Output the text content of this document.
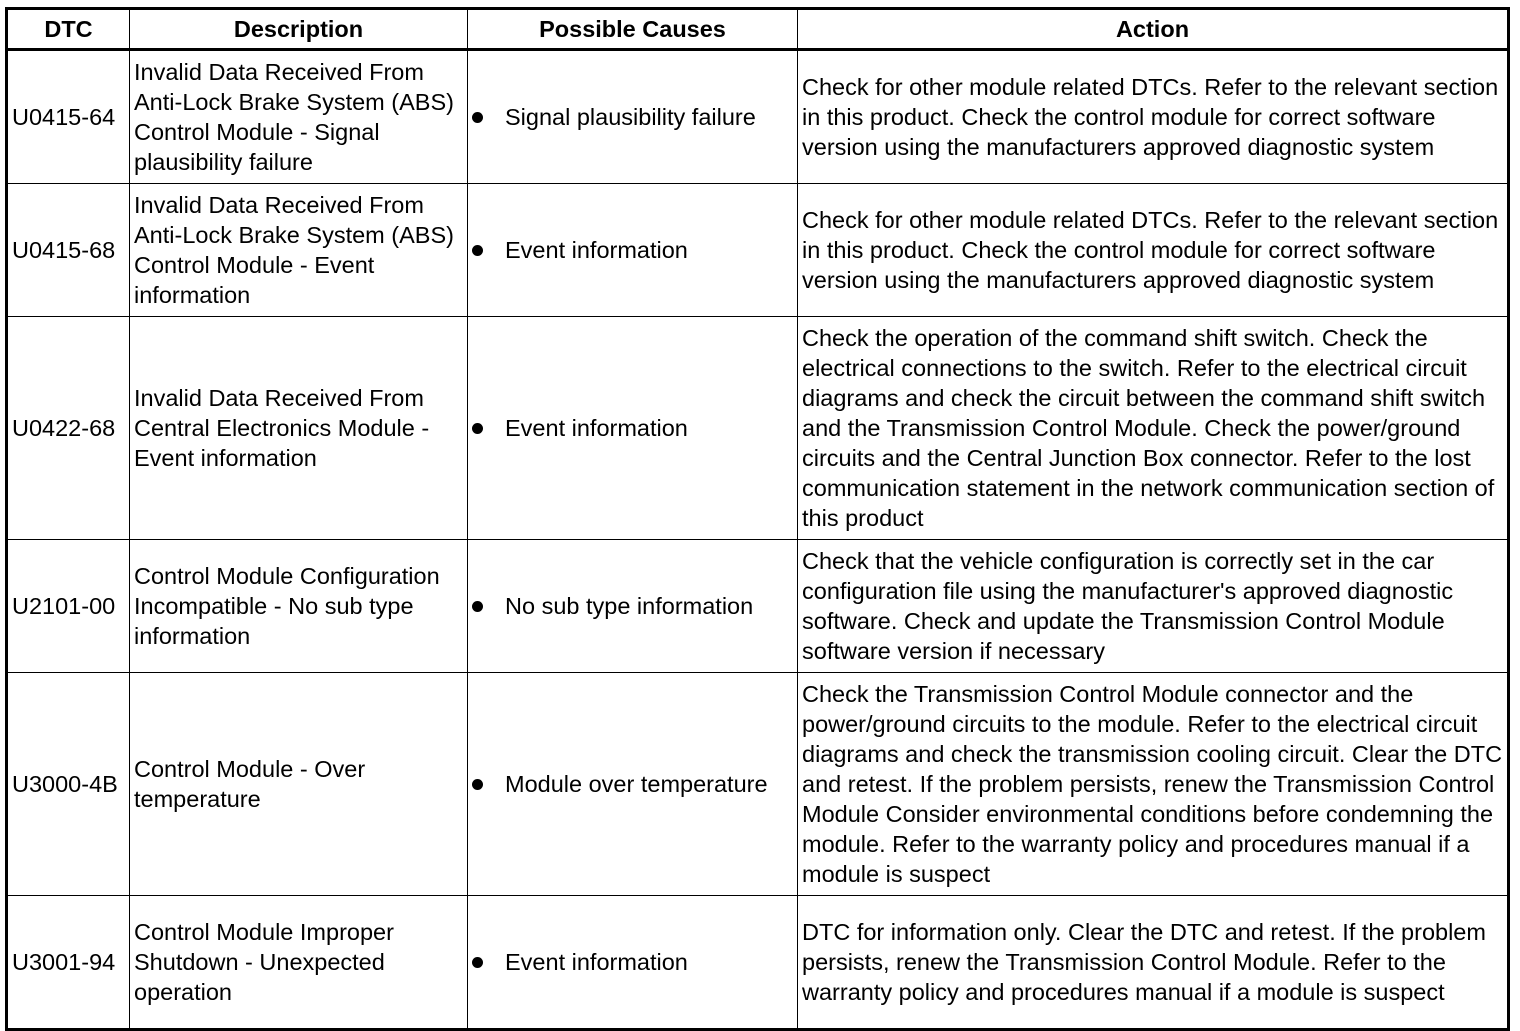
DTC	Description	Possible Causes	Action
U0415-64	Invalid Data Received From Anti-Lock Brake System (ABS) Control Module - Signal plausibility failure	Signal plausibility failure	Check for other module related DTCs. Refer to the relevant section in this product. Check the control module for correct software version using the manufacturers approved diagnostic system
U0415-68	Invalid Data Received From Anti-Lock Brake System (ABS) Control Module - Event information	Event information	Check for other module related DTCs. Refer to the relevant section in this product. Check the control module for correct software version using the manufacturers approved diagnostic system
U0422-68	Invalid Data Received From Central Electronics Module - Event information	Event information	Check the operation of the command shift switch. Check the electrical connections to the switch. Refer to the electrical circuit diagrams and check the circuit between the command shift switch and the Transmission Control Module. Check the power/ground circuits and the Central Junction Box connector. Refer to the lost communication statement in the network communication section of this product
U2101-00	Control Module Configuration Incompatible - No sub type information	No sub type information	Check that the vehicle configuration is correctly set in the car configuration file using the manufacturer's approved diagnostic software. Check and update the Transmission Control Module software version if necessary
U3000-4B	Control Module - Over temperature	Module over temperature	Check the Transmission Control Module connector and the power/ground circuits to the module. Refer to the electrical circuit diagrams and check the transmission cooling circuit. Clear the DTC and retest. If the problem persists, renew the Transmission Control Module Consider environmental conditions before condemning the module. Refer to the warranty policy and procedures manual if a module is suspect
U3001-94	Control Module Improper Shutdown - Unexpected operation	Event information	DTC for information only. Clear the DTC and retest. If the problem persists, renew the Transmission Control Module. Refer to the warranty policy and procedures manual if a module is suspect
